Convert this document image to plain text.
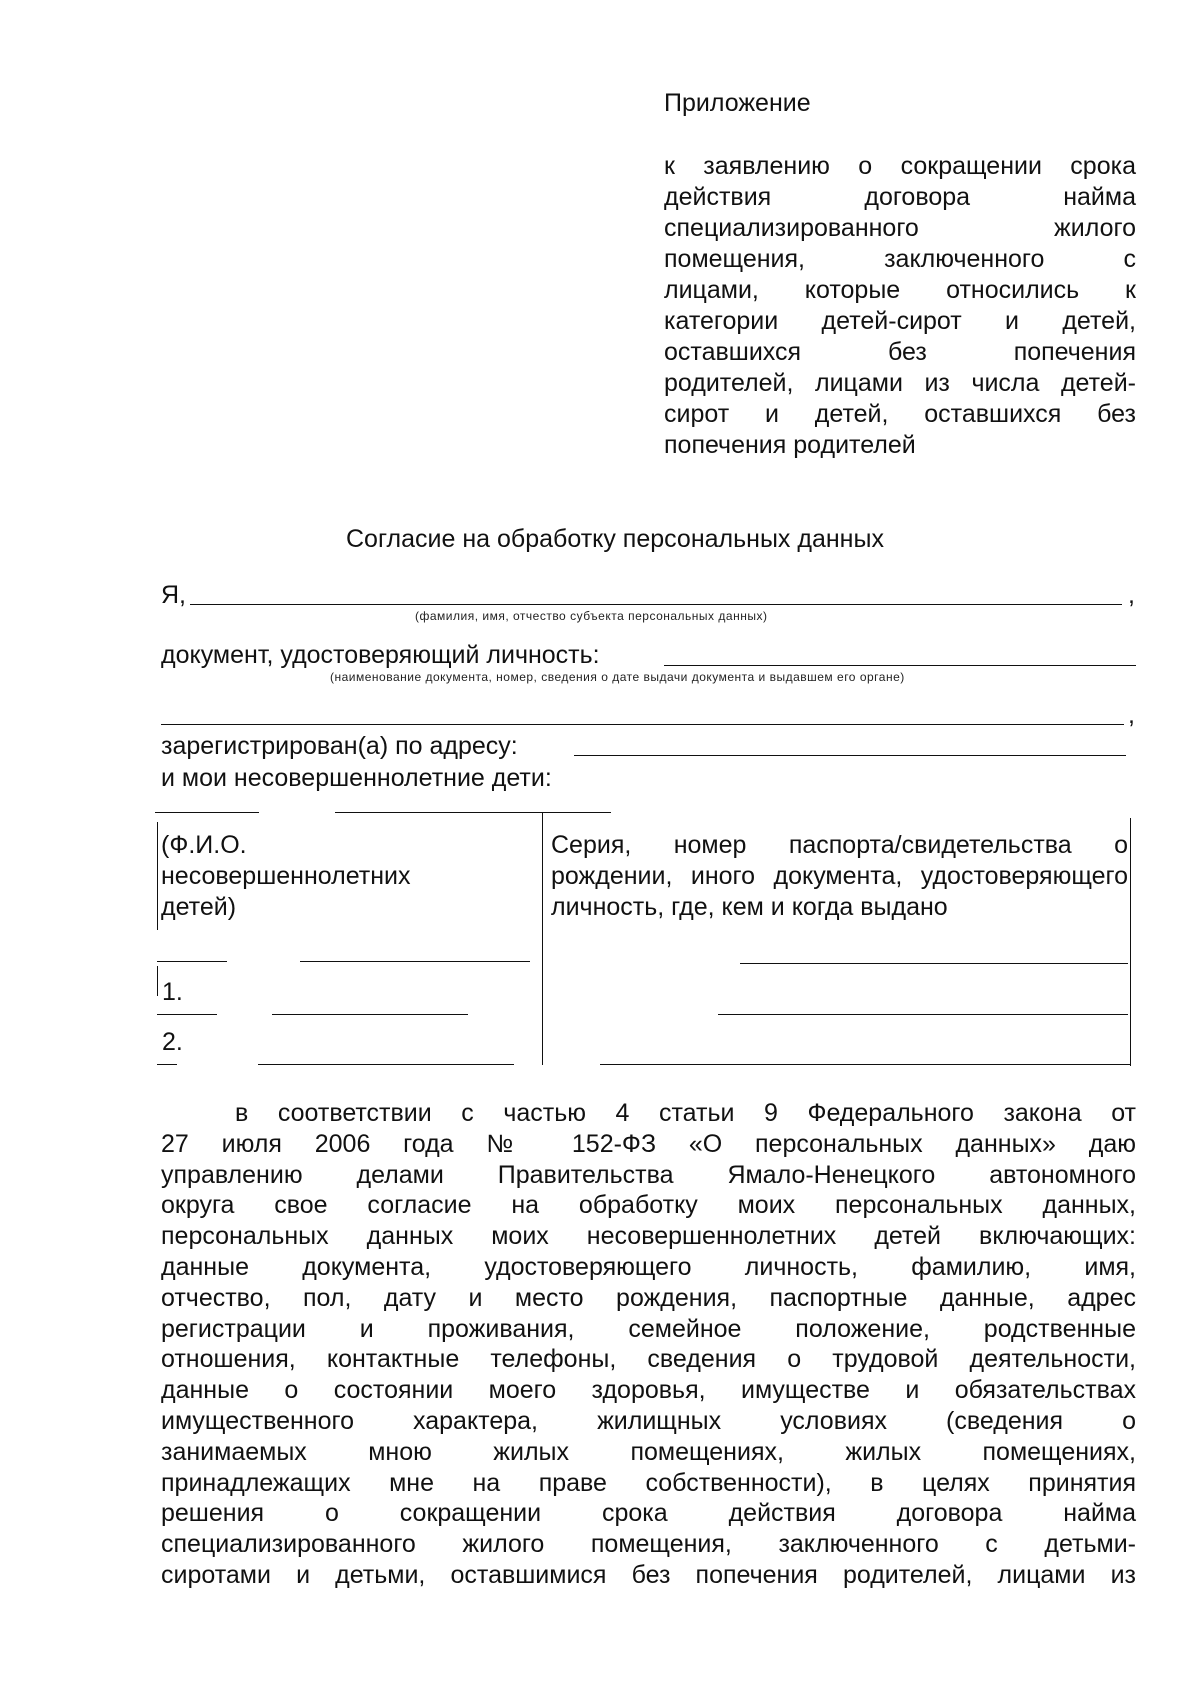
Приложение
к заявлению о сокращении срока
действия договора найма
специализированного жилого
помещения, заключенного с
лицами, которые относились к
категории детей-сирот и детей,
оставшихся без попечения
родителей, лицами из числа детей-
сирот и детей, оставшихся без
попечения родителей
Согласие на обработку персональных данных
Я,	,
(фамилия, имя, отчество субъекта персональных данных)
документ, удостоверяющий личность:
(наименование документа, номер, сведения о дате выдачи документа и выдавшем его органе)
,
зарегистрирован(а) по адресу:
и мои несовершеннолетние дети:
(Ф.И.О. несовершеннолетних детей)
Серия, номер паспорта/свидетельства о рождении, иного документа, удостоверяющего личность, где, кем и когда выдано
1.
2.
в соответствии с частью 4 статьи 9 Федерального закона от
27 июля 2006 года № 152-ФЗ «О персональных данных» даю
управлению делами Правительства Ямало-Ненецкого автономного
округа свое согласие на обработку моих персональных данных,
персональных данных моих несовершеннолетних детей включающих:
данные документа, удостоверяющего личность, фамилию, имя,
отчество, пол, дату и место рождения, паспортные данные, адрес
регистрации и проживания, семейное положение, родственные
отношения, контактные телефоны, сведения о трудовой деятельности,
данные о состоянии моего здоровья, имуществе и обязательствах
имущественного характера, жилищных условиях (сведения о
занимаемых мною жилых помещениях, жилых помещениях,
принадлежащих мне на праве собственности), в целях принятия
решения о сокращении срока действия договора найма
специализированного жилого помещения, заключенного с детьми-
сиротами и детьми, оставшимися без попечения родителей, лицами из
